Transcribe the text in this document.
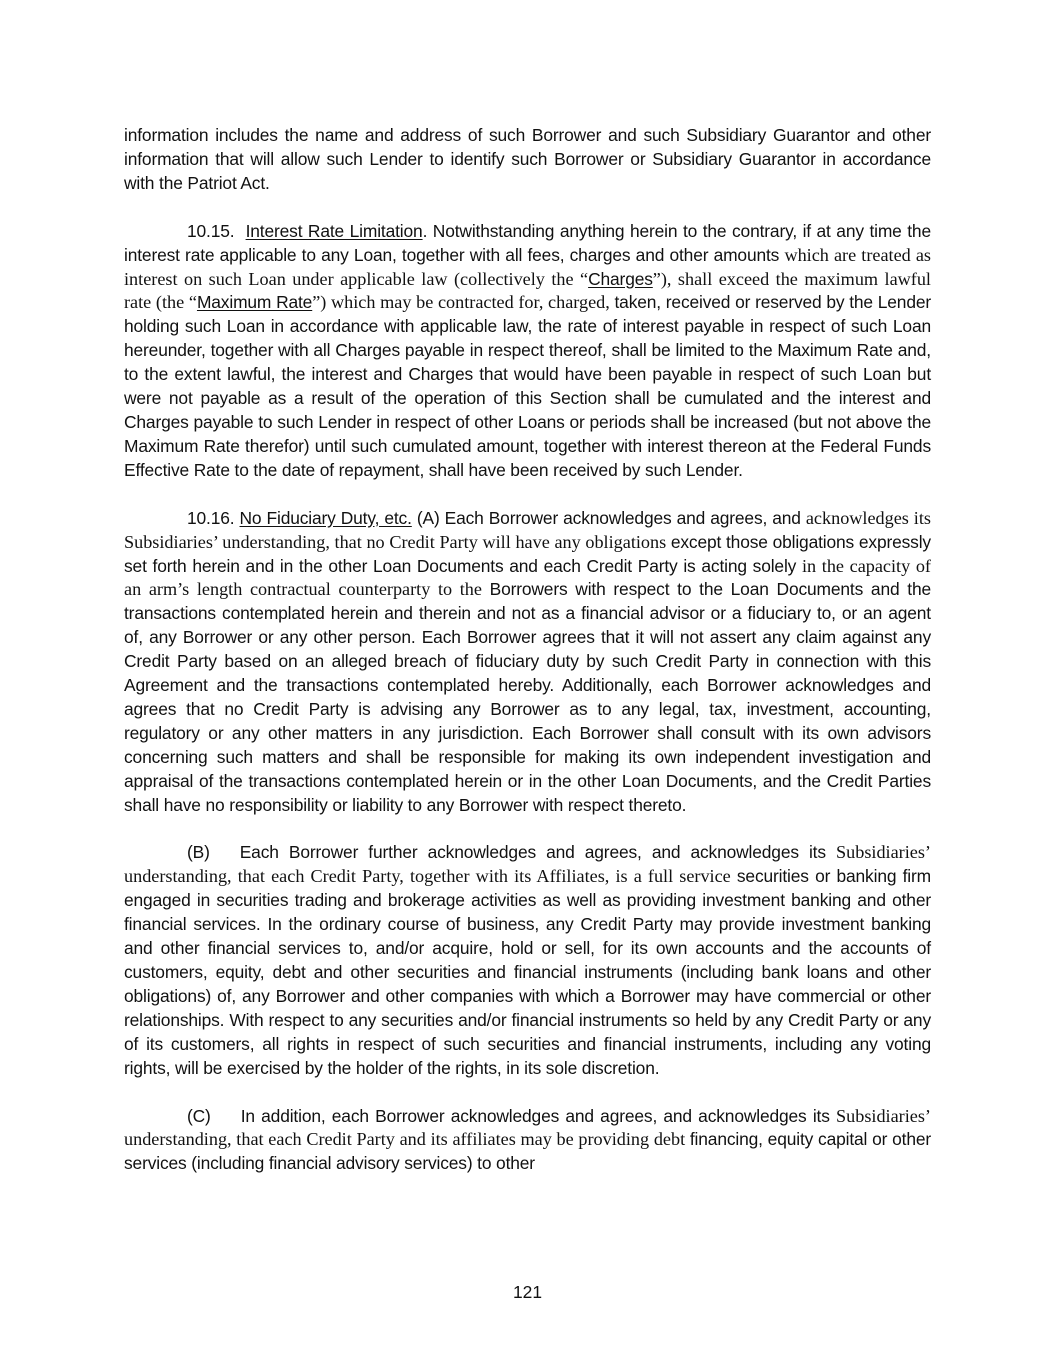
information includes the name and address of such Borrower and such Subsidiary Guarantor and other information that will allow such Lender to identify such Borrower or Subsidiary Guarantor in accordance with the Patriot Act.

10.15. Interest Rate Limitation. Notwithstanding anything herein to the contrary, if at any time the interest rate applicable to any Loan, together with all fees, charges and other amounts which are treated as interest on such Loan under applicable law (collectively the “Charges”), shall exceed the maximum lawful rate (the “Maximum Rate”) which may be contracted for, charged, taken, received or reserved by the Lender holding such Loan in accordance with applicable law, the rate of interest payable in respect of such Loan hereunder, together with all Charges payable in respect thereof, shall be limited to the Maximum Rate and, to the extent lawful, the interest and Charges that would have been payable in respect of such Loan but were not payable as a result of the operation of this Section shall be cumulated and the interest and Charges payable to such Lender in respect of other Loans or periods shall be increased (but not above the Maximum Rate therefor) until such cumulated amount, together with interest thereon at the Federal Funds Effective Rate to the date of repayment, shall have been received by such Lender.

10.16. No Fiduciary Duty, etc. (A) Each Borrower acknowledges and agrees, and acknowledges its Subsidiaries’ understanding, that no Credit Party will have any obligations except those obligations expressly set forth herein and in the other Loan Documents and each Credit Party is acting solely in the capacity of an arm’s length contractual counterparty to the Borrowers with respect to the Loan Documents and the transactions contemplated herein and therein and not as a financial advisor or a fiduciary to, or an agent of, any Borrower or any other person. Each Borrower agrees that it will not assert any claim against any Credit Party based on an alleged breach of fiduciary duty by such Credit Party in connection with this Agreement and the transactions contemplated hereby. Additionally, each Borrower acknowledges and agrees that no Credit Party is advising any Borrower as to any legal, tax, investment, accounting, regulatory or any other matters in any jurisdiction. Each Borrower shall consult with its own advisors concerning such matters and shall be responsible for making its own independent investigation and appraisal of the transactions contemplated herein or in the other Loan Documents, and the Credit Parties shall have no responsibility or liability to any Borrower with respect thereto.

(B) Each Borrower further acknowledges and agrees, and acknowledges its Subsidiaries’ understanding, that each Credit Party, together with its Affiliates, is a full service securities or banking firm engaged in securities trading and brokerage activities as well as providing investment banking and other financial services. In the ordinary course of business, any Credit Party may provide investment banking and other financial services to, and/or acquire, hold or sell, for its own accounts and the accounts of customers, equity, debt and other securities and financial instruments (including bank loans and other obligations) of, any Borrower and other companies with which a Borrower may have commercial or other relationships. With respect to any securities and/or financial instruments so held by any Credit Party or any of its customers, all rights in respect of such securities and financial instruments, including any voting rights, will be exercised by the holder of the rights, in its sole discretion.

(C) In addition, each Borrower acknowledges and agrees, and acknowledges its Subsidiaries’ understanding, that each Credit Party and its affiliates may be providing debt financing, equity capital or other services (including financial advisory services) to other

121
